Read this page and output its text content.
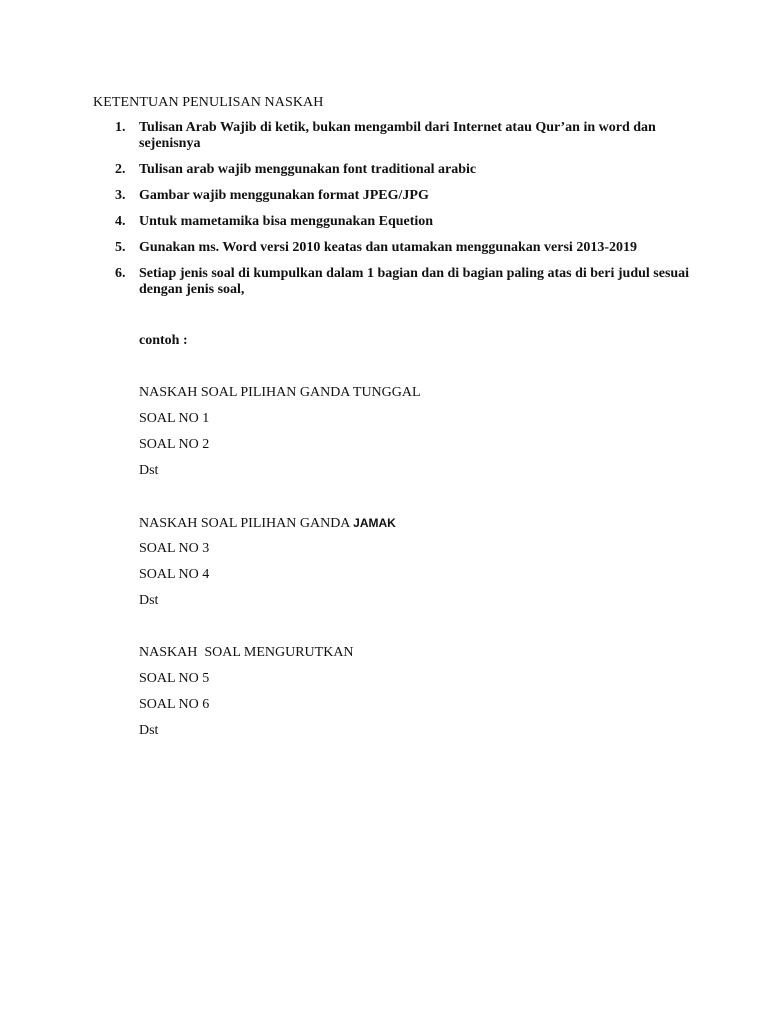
KETENTUAN PENULISAN NASKAH
1. Tulisan Arab Wajib di ketik, bukan mengambil dari Internet atau Qur’an in word dan sejenisnya
2. Tulisan arab wajib menggunakan font traditional arabic
3. Gambar wajib menggunakan format JPEG/JPG
4. Untuk mametamika bisa menggunakan Equetion
5. Gunakan ms. Word versi 2010 keatas dan utamakan menggunakan versi 2013-2019
6. Setiap jenis soal di kumpulkan dalam 1 bagian dan di bagian paling atas di beri judul sesuai dengan jenis soal,
contoh :
NASKAH SOAL PILIHAN GANDA TUNGGAL
SOAL NO 1
SOAL NO 2
Dst
NASKAH SOAL PILIHAN GANDA JAMAK
SOAL NO 3
SOAL NO 4
Dst
NASKAH  SOAL MENGURUTKAN
SOAL NO 5
SOAL NO 6
Dst
